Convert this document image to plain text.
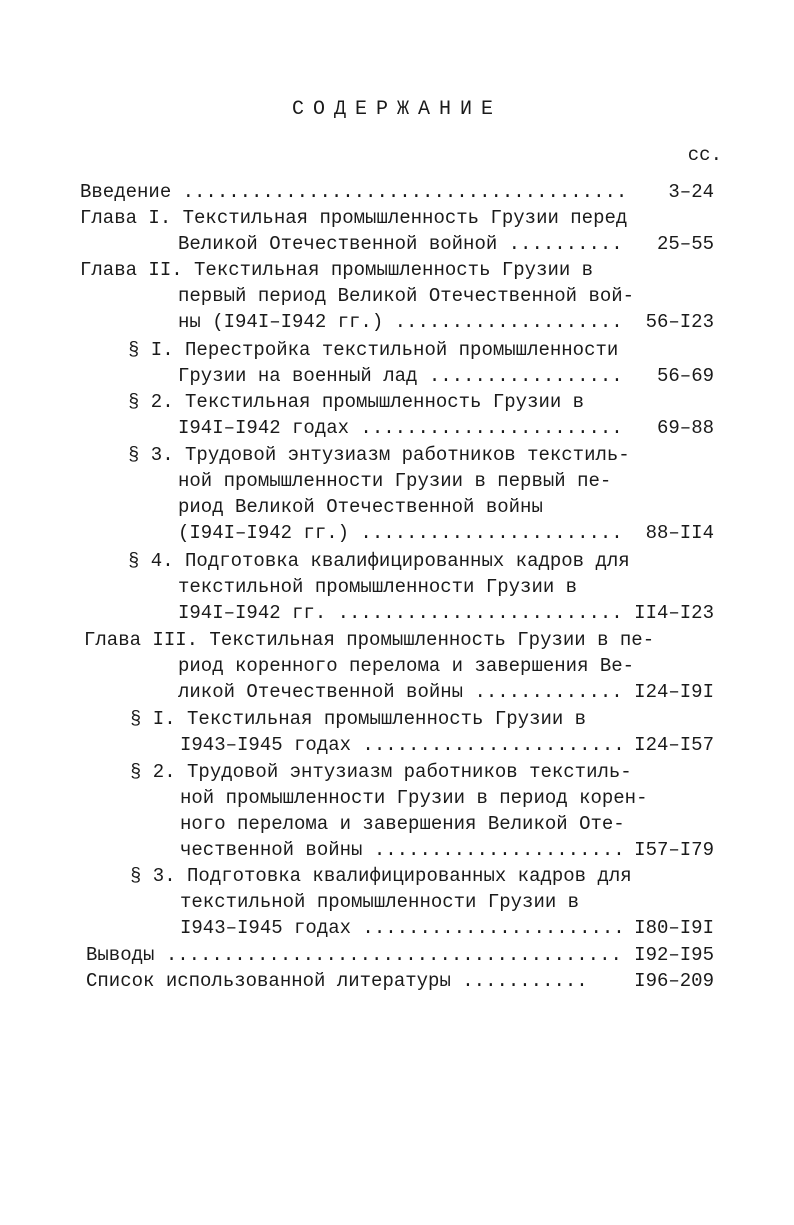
СОДЕРЖАНИЕ
сс.
Введение ....................................... 3–24
Глава I. Текстильная промышленность Грузии перед
Великой Отечественной войной .......... 25–55
Глава II. Текстильная промышленность Грузии в
первый период Великой Отечественной вой-
ны (I94I–I942 гг.) .................... 56–I23
§ I. Перестройка текстильной промышленности
Грузии на военный лад ................. 56–69
§ 2. Текстильная промышленность Грузии в
I94I–I942 годах ....................... 69–88
§ 3. Трудовой энтузиазм работников текстиль-
ной промышленности Грузии в первый пе-
риод Великой Отечественной войны
(I94I–I942 гг.) ....................... 88–II4
§ 4. Подготовка квалифицированных кадров для
текстильной промышленности Грузии в
I94I–I942 гг. ......................... II4–I23
Глава III. Текстильная промышленность Грузии в пе-
риод коренного перелома и завершения Ве-
ликой Отечественной войны ............. I24–I9I
§ I. Текстильная промышленность Грузии в
I943–I945 годах ....................... I24–I57
§ 2. Трудовой энтузиазм работников текстиль-
ной промышленности Грузии в период корен-
ного перелома и завершения Великой Оте-
чественной войны ...................... I57–I79
§ 3. Подготовка квалифицированных кадров для
текстильной промышленности Грузии в
I943–I945 годах ....................... I80–I9I
Выводы ........................................ I92–I95
Список использованной литературы ........... I96–209
